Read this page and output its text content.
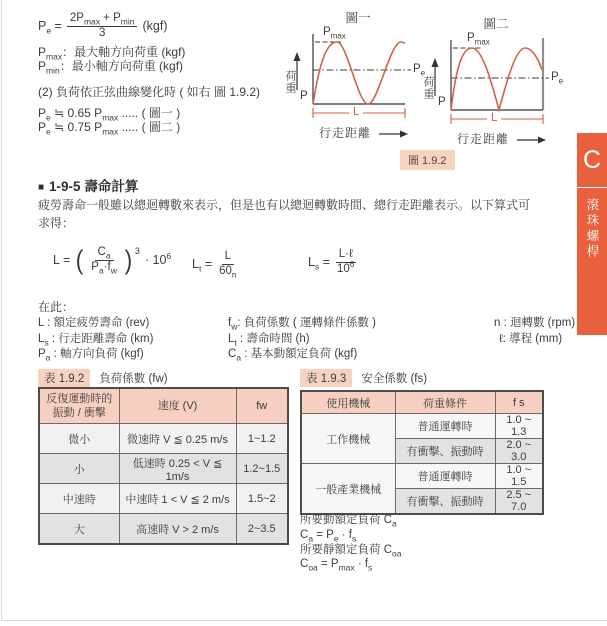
$P_e = \frac{2P_{max} + P_{min}}{3} (kgf)$
$P_{max}$：最大軸方向荷重 (kgf)
$P_{min}$：最小軸方向荷重 (kgf)
(2) 負荷依正弦曲線變化時 ( 如右 圖 1.9.2)
$P_e$ ≒ 0.65 $P_{max}$ ..... ( 圖一 )
$P_e$ ≒ 0.75 $P_{max}$ ..... ( 圖二 )
圖一
$P_{max}$
$P_e$
荷重
P
L
行走距離
圖二
$P_{max}$
$P_e$
荷重
P
L
行走距離
圖 1.9.2
■ 1-9-5 壽命計算
疲勞壽命一般雖以總迴轉數來表示，但是也有以總迴轉數時間、總行走距離表示。以下算式可
求得：
L = ( $\frac{C_a}{P_a\cdot f_w}$ ) 3
· $10^6$
$L_t = \frac{L}{60_n}$	$L_s = \frac{\text{L·ℓ}}{10^6}$
在此：
L : 額定疲勞壽命 (rev)
$L_s$ : 行走距離壽命 (km)
$P_a$ : 軸方向負荷 (kgf)
$f_w$: 負荷係數 ( 運轉條件係數 )
$L_t$ : 壽命時間 (h)
$C_a$ : 基本動額定負荷 (kgf)
n : 迴轉數 (rpm)
ℓ: 導程 (mm)
表 1.9.2	負荷係數 (fw)	表 1.9.3	安全係數 (fs)
反復運動時的振動 / 衝擊	速度 (V)	fw
微小	微速時 V ≦ 0.25 m/s	1~1.2
小	低速時 0.25 < V ≦ 1m/s	1.2~1.5
中速時	中速時 1 < V ≦ 2 m/s	1.5~2
大	高速時 V > 2 m/s	2~3.5
使用機械	荷重條件	f s
工作機械	普通運轉時	1.0 ~ 1.3
	有衝擊、振動時	2.0 ~ 3.0
一般產業機械	普通運轉時	1.0 ~ 1.5
	有衝擊、振動時	2.5 ~ 7.0
所要動額定負荷 $C_a$
$C_a = P_e \cdot f_s$
所要靜額定負荷 $C_{oa}$
$C_{oa} = P_{max} \cdot f_s$
C
滾珠螺桿
